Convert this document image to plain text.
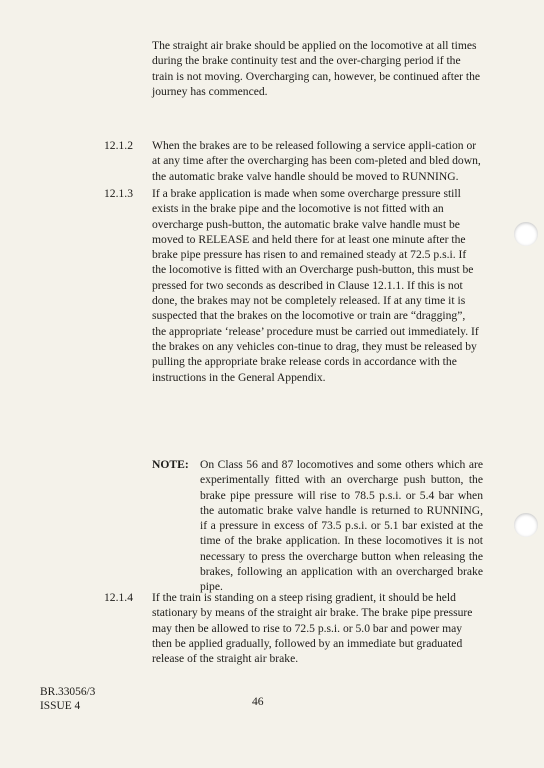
The straight air brake should be applied on the locomotive at all times during the brake continuity test and the over-charging period if the train is not moving. Overcharging can, however, be continued after the journey has commenced.
12.1.2 When the brakes are to be released following a service appli-cation or at any time after the overcharging has been com-pleted and bled down, the automatic brake valve handle should be moved to RUNNING.
12.1.3 If a brake application is made when some overcharge pressure still exists in the brake pipe and the locomotive is not fitted with an overcharge push-button, the automatic brake valve handle must be moved to RELEASE and held there for at least one minute after the brake pipe pressure has risen to and remained steady at 72.5 p.s.i. If the locomotive is fitted with an Overcharge push-button, this must be pressed for two seconds as described in Clause 12.1.1. If this is not done, the brakes may not be completely released. If at any time it is suspected that the brakes on the locomotive or train are “dragging”, the appropriate ‘release’ procedure must be carried out immediately. If the brakes on any vehicles con-tinue to drag, they must be released by pulling the appropriate brake release cords in accordance with the instructions in the General Appendix.
NOTE: On Class 56 and 87 locomotives and some others which are experimentally fitted with an overcharge push button, the brake pipe pressure will rise to 78.5 p.s.i. or 5.4 bar when the automatic brake valve handle is returned to RUNNING, if a pressure in excess of 73.5 p.s.i. or 5.1 bar existed at the time of the brake application. In these locomotives it is not necessary to press the overcharge button when releasing the brakes, following an application with an overcharged brake pipe.
12.1.4 If the train is standing on a steep rising gradient, it should be held stationary by means of the straight air brake. The brake pipe pressure may then be allowed to rise to 72.5 p.s.i. or 5.0 bar and power may then be applied gradually, followed by an immediate but graduated release of the straight air brake.
BR.33056/3
ISSUE 4	46
